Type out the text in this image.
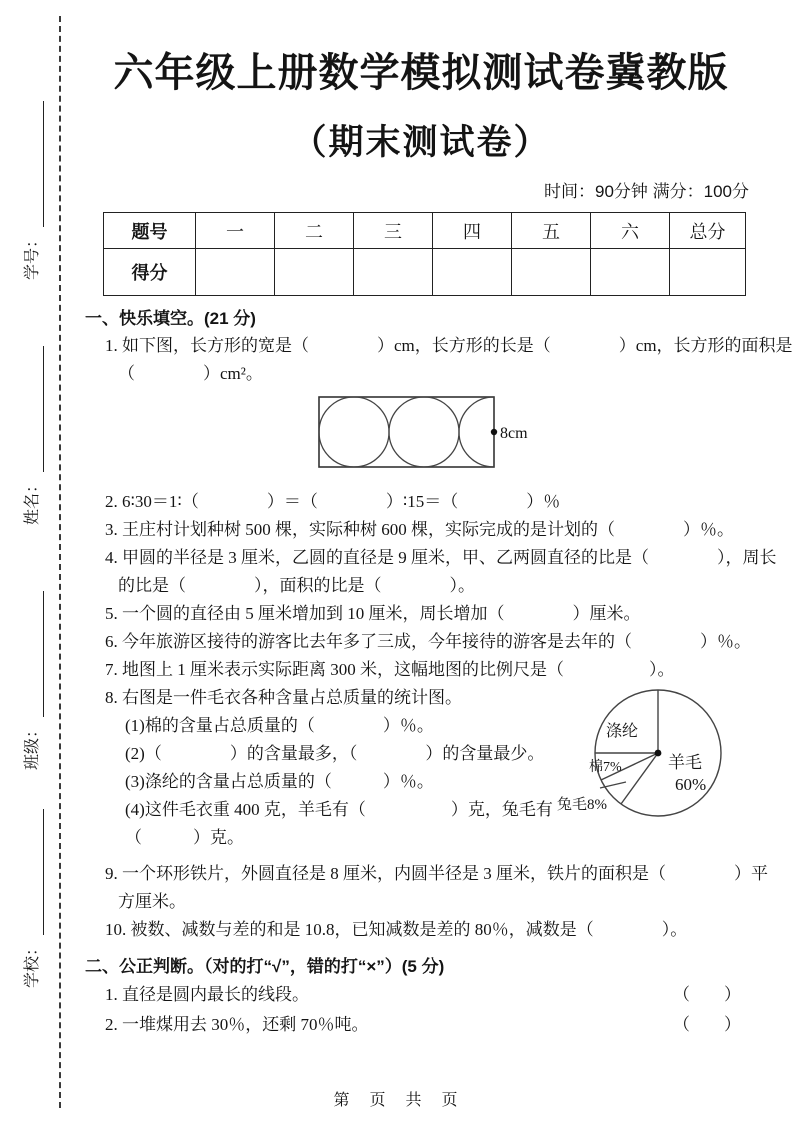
学号：
姓名：
班级：
学校：
六年级上册数学模拟测试卷冀教版
（期末测试卷）
时间：90分钟 满分：100分
题号	一	二	三	四	五	六	总分
得分							
一、快乐填空。(21 分)
1. 如下图，长方形的宽是（　　　　）cm，长方形的长是（　　　　）cm，长方形的面积是
（　　　　）cm²。
8cm
2. 6∶30＝1∶（　　　　）＝（　　　　）∶15＝（　　　　）％
3. 王庄村计划种树 500 棵，实际种树 600 棵，实际完成的是计划的（　　　　）％。
4. 甲圆的半径是 3 厘米，乙圆的直径是 9 厘米，甲、乙两圆直径的比是（　　　　），周长
的比是（　　　　），面积的比是（　　　　）。
5. 一个圆的直径由 5 厘米增加到 10 厘米，周长增加（　　　　）厘米。
6. 今年旅游区接待的游客比去年多了三成，今年接待的游客是去年的（　　　　）％。
7. 地图上 1 厘米表示实际距离 300 米，这幅地图的比例尺是（　　　　　）。
8. 右图是一件毛衣各种含量占总质量的统计图。
(1)棉的含量占总质量的（　　　　）％。
(2)（　　　　）的含量最多，（　　　　）的含量最少。
(3)涤纶的含量占总质量的（　　　）％。
(4)这件毛衣重 400 克，羊毛有（　　　　　）克，兔毛有
（　　　）克。
9. 一个环形铁片，外圆直径是 8 厘米，内圆半径是 3 厘米，铁片的面积是（　　　　）平
方厘米。
10. 被数、减数与差的和是 10.8，已知减数是差的 80％，减数是（　　　　）。
二、公正判断。（对的打“√”，错的打“×”）(5 分)
1. 直径是圆内最长的线段。	（　　）
2. 一堆煤用去 30％，还剩 70％吨。	（　　）
涤纶
羊毛
60%
棉7%
兔毛8%
第　页　共　页
